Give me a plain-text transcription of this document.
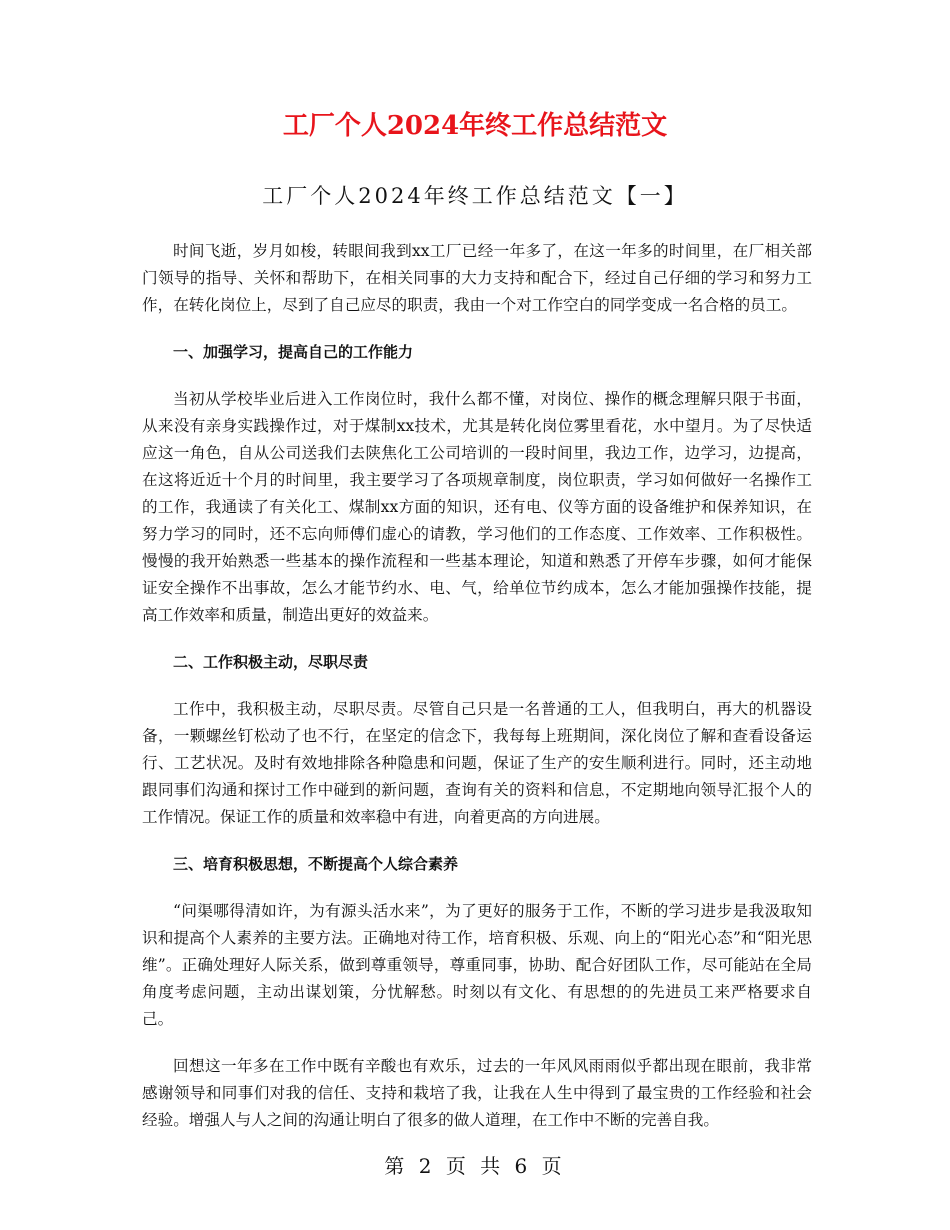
工厂个人2024年终工作总结范文
工厂个人2024年终工作总结范文【一】

时间飞逝，岁月如梭，转眼间我到xx工厂已经一年多了，在这一年多的时间里，在厂相关部门领导的指导、关怀和帮助下，在相关同事的大力支持和配合下，经过自己仔细的学习和努力工作，在转化岗位上，尽到了自己应尽的职责，我由一个对工作空白的同学变成一名合格的员工。

一、加强学习，提高自己的工作能力

当初从学校毕业后进入工作岗位时，我什么都不懂，对岗位、操作的概念理解只限于书面，从来没有亲身实践操作过，对于煤制xx技术，尤其是转化岗位雾里看花，水中望月。为了尽快适应这一角色，自从公司送我们去陕焦化工公司培训的一段时间里，我边工作，边学习，边提高，在这将近近十个月的时间里，我主要学习了各项规章制度，岗位职责，学习如何做好一名操作工的工作，我通读了有关化工、煤制xx方面的知识，还有电、仪等方面的设备维护和保养知识，在努力学习的同时，还不忘向师傅们虚心的请教，学习他们的工作态度、工作效率、工作积极性。慢慢的我开始熟悉一些基本的操作流程和一些基本理论，知道和熟悉了开停车步骤，如何才能保证安全操作不出事故，怎么才能节约水、电、气，给单位节约成本，怎么才能加强操作技能，提高工作效率和质量，制造出更好的效益来。

二、工作积极主动，尽职尽责

工作中，我积极主动，尽职尽责。尽管自己只是一名普通的工人，但我明白，再大的机器设备，一颗螺丝钉松动了也不行，在坚定的信念下，我每每上班期间，深化岗位了解和查看设备运行、工艺状况。及时有效地排除各种隐患和问题，保证了生产的安生顺利进行。同时，还主动地跟同事们沟通和探讨工作中碰到的新问题，查询有关的资料和信息，不定期地向领导汇报个人的工作情况。保证工作的质量和效率稳中有进，向着更高的方向进展。

三、培育积极思想，不断提高个人综合素养

“问渠哪得清如许，为有源头活水来”，为了更好的服务于工作，不断的学习进步是我汲取知识和提高个人素养的主要方法。正确地对待工作，培育积极、乐观、向上的“阳光心态”和“阳光思维”。正确处理好人际关系，做到尊重领导，尊重同事，协助、配合好团队工作，尽可能站在全局角度考虑问题，主动出谋划策，分忧解愁。时刻以有文化、有思想的的先进员工来严格要求自己。

回想这一年多在工作中既有辛酸也有欢乐，过去的一年风风雨雨似乎都出现在眼前，我非常感谢领导和同事们对我的信任、支持和栽培了我，让我在人生中得到了最宝贵的工作经验和社会经验。增强人与人之间的沟通让明白了很多的做人道理，在工作中不断的完善自我。

第 2 页 共 6 页
